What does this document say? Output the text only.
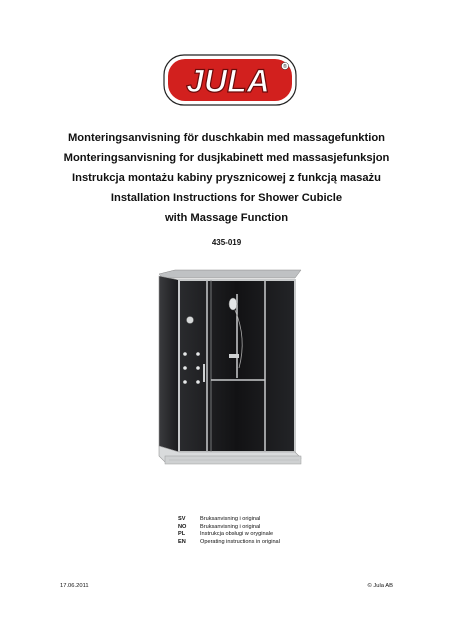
JULA	®
Monteringsanvisning för duschkabin med massagefunktion
Monteringsanvisning for dusjkabinett med massasjefunksjon
Instrukcja montażu kabiny prysznicowej z funkcją masażu
Installation Instructions for Shower Cubicle
with Massage Function
435-019
SV	Bruksanvisning i original
NO Bruksanvisning i original
PL	Instrukcja obsługi w oryginale
EN	Operating instructions in original
17.06.2011	© Jula AB
